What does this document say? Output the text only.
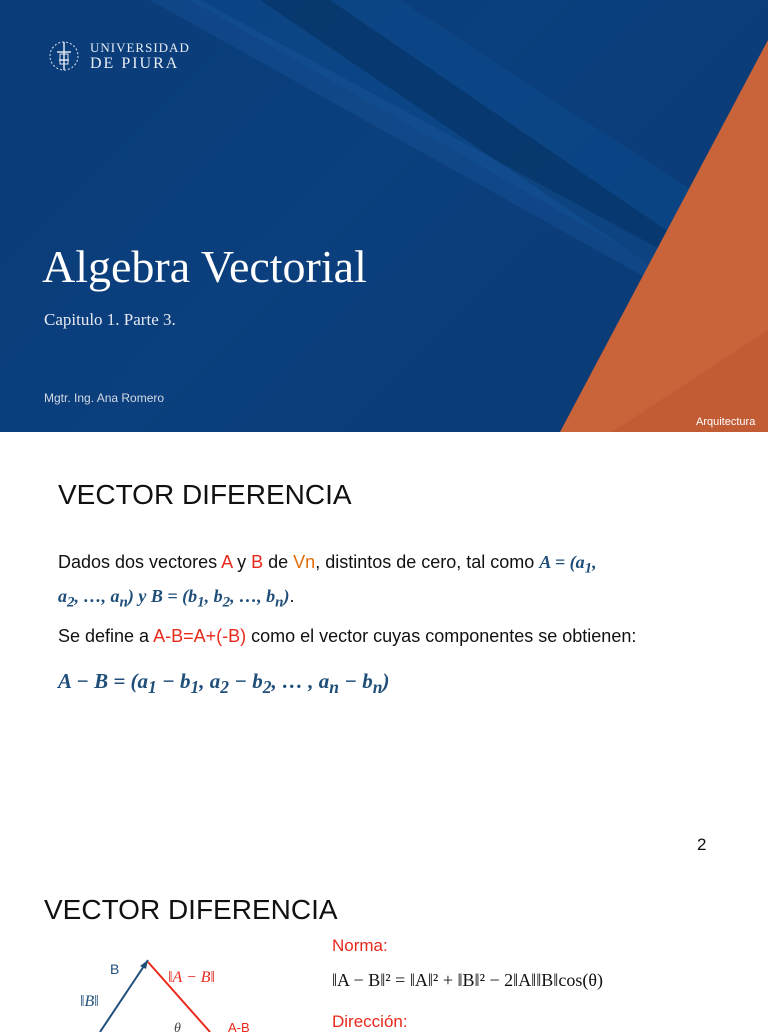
UNIVERSIDAD
DE PIURA
Algebra Vectorial
Capitulo 1. Parte 3.
Mgtr. Ing. Ana Romero
Arquitectura
VECTOR DIFERENCIA
Dados dos vectores A y B de Vn, distintos de cero, tal como $A = (a_1$,
$a_2$, …, $a_n$) y $B = (b_1$, $b_2$, …, $b_n$).
Se define a A-B=A+(-B) como el vector cuyas componentes se obtienen:
$A - B = (a_1 - b_1$, $a_2 - b_2$, … , $a_n - b_n$)
2
VECTOR DIFERENCIA
B
‖B‖
‖A − B‖
θ	A-B
Norma:
‖A − B‖² = ‖A‖² + ‖B‖² − 2‖A‖‖B‖cos(θ)
Dirección:
